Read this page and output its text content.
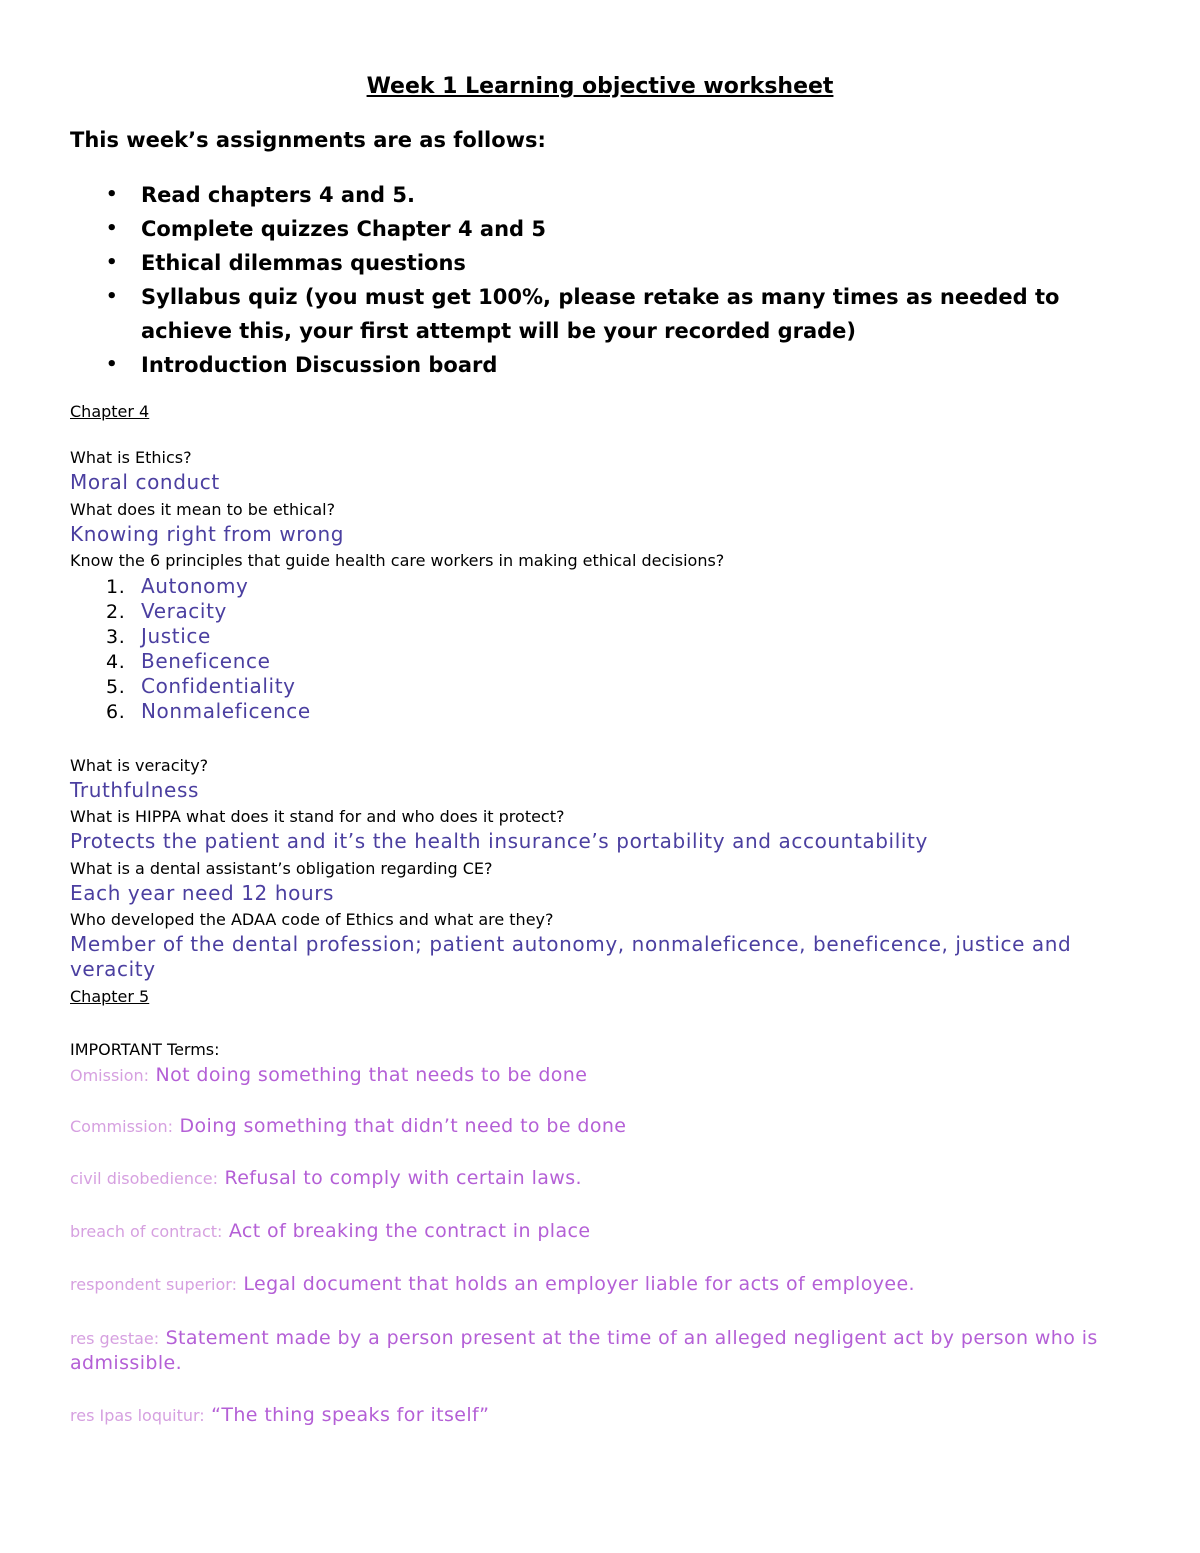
Week 1 Learning objective worksheet
This week’s assignments are as follows:
• Read chapters 4 and 5.
• Complete quizzes Chapter 4 and 5
• Ethical dilemmas questions
• Syllabus quiz (you must get 100%, please retake as many times as needed to achieve this, your first attempt will be your recorded grade)
• Introduction Discussion board
Chapter 4
What is Ethics?
Moral conduct
What does it mean to be ethical?
Knowing right from wrong
Know the 6 principles that guide health care workers in making ethical decisions?
1. Autonomy
2. Veracity
3. Justice
4. Beneficence
5. Confidentiality
6. Nonmaleficence
What is veracity?
Truthfulness
What is HIPPA what does it stand for and who does it protect?
Protects the patient and it’s the health insurance’s portability and accountability
What is a dental assistant’s obligation regarding CE?
Each year need 12 hours
Who developed the ADAA code of Ethics and what are they?
Member of the dental profession; patient autonomy, nonmaleficence, beneficence, justice and veracity
Chapter 5
IMPORTANT Terms:
Omission: Not doing something that needs to be done
Commission: Doing something that didn’t need to be done
civil disobedience: Refusal to comply with certain laws.
breach of contract: Act of breaking the contract in place
respondent superior: Legal document that holds an employer liable for acts of employee.
res gestae: Statement made by a person present at the time of an alleged negligent act by person who is admissible.
res Ipas loquitur: “The thing speaks for itself”
